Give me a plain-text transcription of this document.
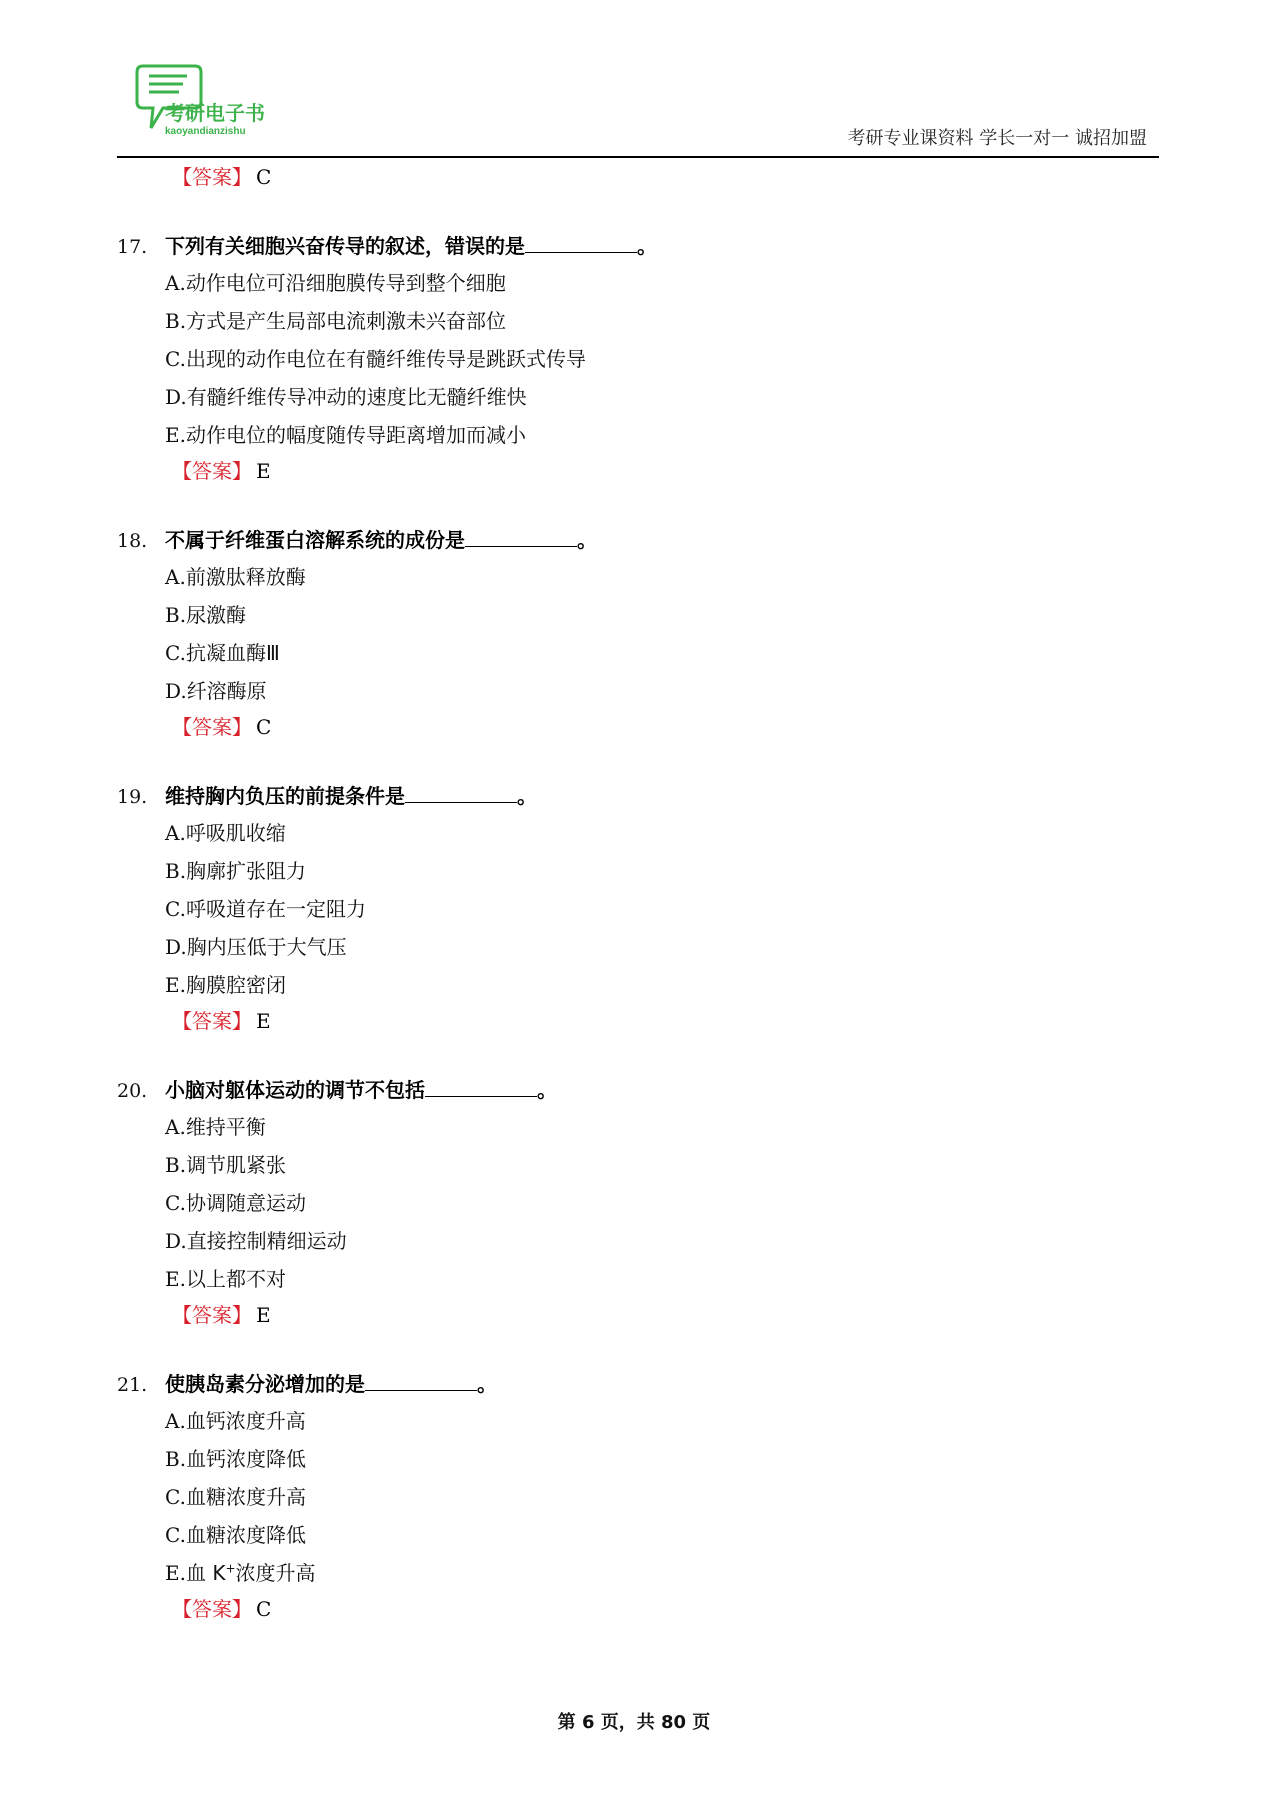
考研电子书
kaoyandianzishu	考研专业课资料 学长一对一 诚招加盟
【答案】 C
17. 下列有关细胞兴奋传导的叙述，错误的是	。
A.动作电位可沿细胞膜传导到整个细胞
B.方式是产生局部电流刺激未兴奋部位
C.出现的动作电位在有髓纤维传导是跳跃式传导
D.有髓纤维传导冲动的速度比无髓纤维快
E.动作电位的幅度随传导距离增加而减小
【答案】 E
18. 不属于纤维蛋白溶解系统的成份是	。
A.前激肽释放酶
B.尿激酶
C.抗凝血酶Ⅲ
D.纤溶酶原
【答案】 C
19. 维持胸内负压的前提条件是	。
A.呼吸肌收缩
B.胸廓扩张阻力
C.呼吸道存在一定阻力
D.胸内压低于大气压
E.胸膜腔密闭
【答案】 E
20. 小脑对躯体运动的调节不包括	。
A.维持平衡
B.调节肌紧张
C.协调随意运动
D.直接控制精细运动
E.以上都不对
【答案】 E
21. 使胰岛素分泌增加的是	。
A.血钙浓度升高
B.血钙浓度降低
C.血糖浓度升高
C.血糖浓度降低
E.血 K+浓度升高
【答案】 C
第 6 页，共 80 页
